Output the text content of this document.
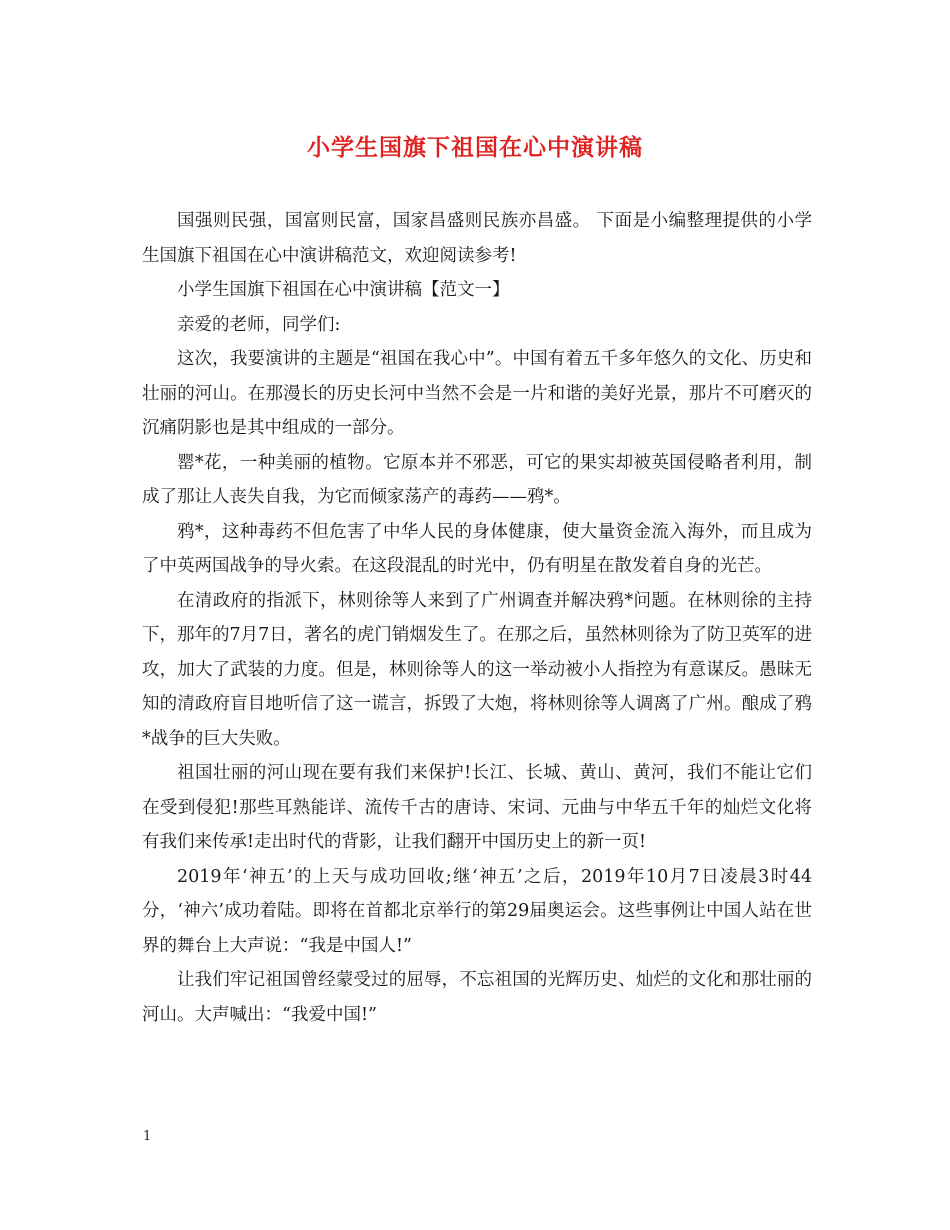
小学生国旗下祖国在心中演讲稿

国强则民强，国富则民富，国家昌盛则民族亦昌盛。 下面是小编整理提供的小学生国旗下祖国在心中演讲稿范文，欢迎阅读参考!

小学生国旗下祖国在心中演讲稿【范文一】

亲爱的老师，同学们:

这次，我要演讲的主题是“祖国在我心中”。中国有着五千多年悠久的文化、历史和壮丽的河山。在那漫长的历史长河中当然不会是一片和谐的美好光景，那片不可磨灭的沉痛阴影也是其中组成的一部分。

罂*花，一种美丽的植物。它原本并不邪恶，可它的果实却被英国侵略者利用，制成了那让人丧失自我，为它而倾家荡产的毒药——鸦*。

鸦*，这种毒药不但危害了中华人民的身体健康，使大量资金流入海外，而且成为了中英两国战争的导火索。在这段混乱的时光中，仍有明星在散发着自身的光芒。

在清政府的指派下，林则徐等人来到了广州调查并解决鸦*问题。在林则徐的主持下，那年的7月7日，著名的虎门销烟发生了。在那之后，虽然林则徐为了防卫英军的进攻，加大了武装的力度。但是，林则徐等人的这一举动被小人指控为有意谋反。愚昧无知的清政府盲目地听信了这一谎言，拆毁了大炮，将林则徐等人调离了广州。酿成了鸦*战争的巨大失败。

祖国壮丽的河山现在要有我们来保护!长江、长城、黄山、黄河，我们不能让它们在受到侵犯!那些耳熟能详、流传千古的唐诗、宋词、元曲与中华五千年的灿烂文化将有我们来传承!走出时代的背影，让我们翻开中国历史上的新一页!

2019年‘神五’的上天与成功回收;继‘神五’之后，2019年10月7日凌晨3时44分，‘神六’成功着陆。即将在首都北京举行的第29届奥运会。这些事例让中国人站在世界的舞台上大声说：“我是中国人!”

让我们牢记祖国曾经蒙受过的屈辱，不忘祖国的光辉历史、灿烂的文化和那壮丽的河山。大声喊出：“我爱中国!”

1
